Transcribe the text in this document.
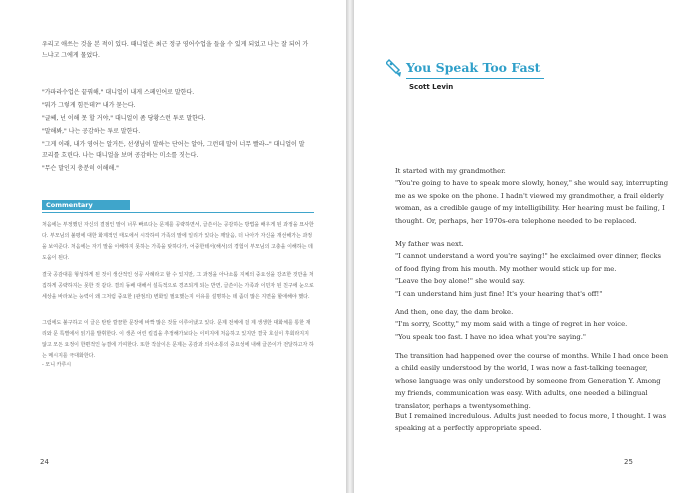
우리고 애쓰는 것을 본 적이 있다. 때니얼은 최근 정규 영어수업을 들을 수 있게 되었고 나는 잘 되어 가느냐고 그에게 물었다.

"가파라수업은 끝꿔해," 대니얼이 내게 스페인어로 말한다.

"뭐가 그렇게 힘든데?" 내가 묻는다.

"글쎄, 넌 이해 못 할 거야," 대니얼이 좀 당황스런 투로 말한다.

"말해봐," 나는 공감하는 투로 말한다.

"그게 이래, 내가 영어는 알거든, 선생님이 말하는 단어는 알아, 그런데 말이 너무 빨라--" 대니얼이 말꼬리를 흐린다. 나는 대니얼을 보며 공감하는 미소를 짓는다.

"무슨 말인지 충분히 이해해."

Commentary

처음에는 부정했던 자신의 결점인 말이 너무 빠르다는 문제를 공략하면서, 글쓴이는 공감하는 방법을 배우게 된 과정을 묘사한다. 부모님의 불평에 대한 화제적인 태도에서 시작하여 가족의 말에 일리가 있다는 깨달음, 더 나아가 자신을 개선해가는 과정을 보여준다. 처음에는 자기 말을 이해하지 못하는 가족을 탓하다가, 어중한테서(해서)의 경험이 부모님의 고충을 이해하는 데 도움이 된다.

결국 공감대를 형성하게 된 것이 생산적인 성공 사례라고 할 수 있지만, 그 과정을 아나소툼 지체의 중요성을 강조한 것만을 처집하게 공략하지는 못한 것 같다. 결의 동배 대해서 설득적으로 경조되게 되는 반면, 글쓴이는 가족과 이민자 된 친구에 눈으로 세상을 바라보는 능력이 왜 그처럼 중요한 (관점의) 변화일 필요했는지 이유를 설명하는 데 좀더 많은 지면을 할애해야 했다.

그럼에도 불구하고 이 글은 탄탄 깔끔한 문장에 바짝 많은 것들 이루어냈고 있다. 문제 전체에 걸 제 생생한 대화체를 통한 재리와 문 특별에서 읽기를 발휘한다. 이 생존 어린 킬집을 추정해가보다는 이미지에 처음하고 있지만 결국 호실이 후회라지지 않고 모든 요정이 한편적인 능결에 기여한다. 또한 작살이은 문제는 공감과 의사소통의 중요성에 내해 글쓴이가 전달하고자 하는 메시지를 극대화한다.

- 모니 카루시

24
You Speak Too Fast
Scott Levin

It started with my grandmother.

"You're going to have to speak more slowly, honey," she would say, interrupting me as we spoke on the phone. I hadn't viewed my grandmother, a frail elderly woman, as a credible gauge of my intelligibility. Her hearing must be failing, I thought. Or, perhaps, her 1970s-era telephone needed to be replaced.

My father was next.

"I cannot understand a word you're saying!" he exclaimed over dinner, flecks of food flying from his mouth. My mother would stick up for me.

"Leave the boy alone!" she would say.

"I can understand him just fine! It's your hearing that's off!"

And then, one day, the dam broke.

"I'm sorry, Scotty," my mom said with a tinge of regret in her voice.

"You speak too fast. I have no idea what you're saying."

The transition had happened over the course of months. While I had once been a child easily understood by the world, I was now a fast-talking teenager, whose language was only understood by someone from Generation Y. Among my friends, communication was easy. With adults, one needed a bilingual translator, perhaps a twentysomething.

But I remained incredulous. Adults just needed to focus more, I thought. I was speaking at a perfectly appropriate speed.

25
